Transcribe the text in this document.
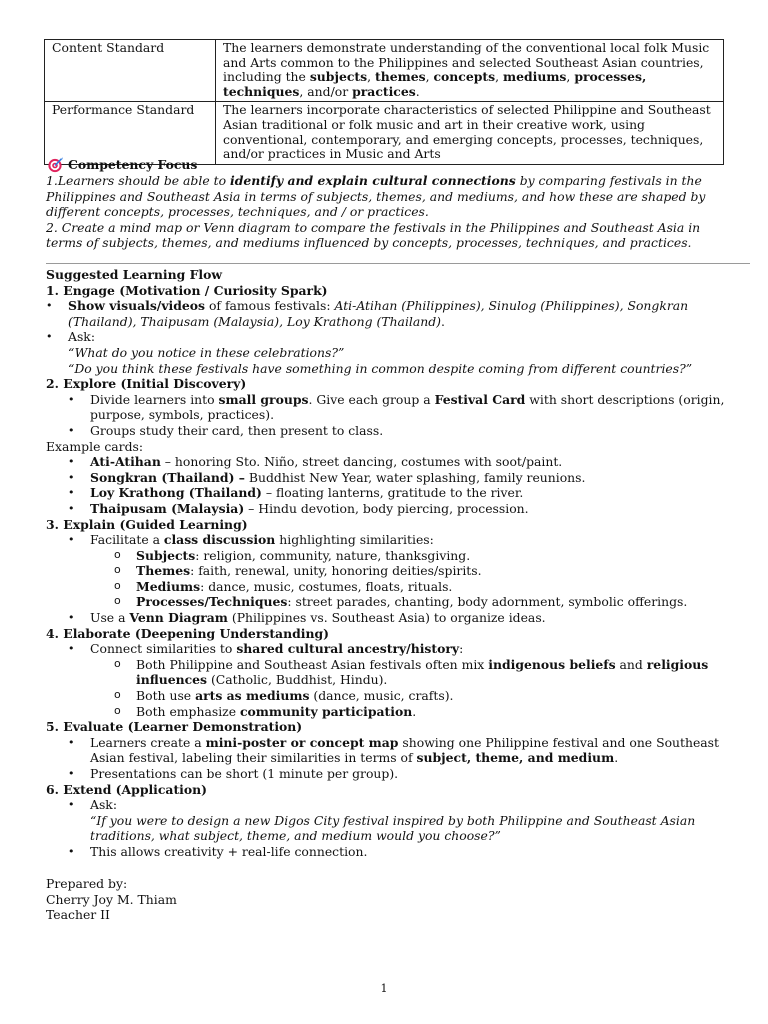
Content Standard	The learners demonstrate understanding of the conventional local folk Music and Arts common to the Philippines and selected Southeast Asian countries, including the subjects, themes, concepts, mediums, processes, techniques, and/or practices.
Performance Standard	The learners incorporate characteristics of selected Philippine and Southeast Asian traditional or folk music and art in their creative work, using conventional, contemporary, and emerging concepts, processes, techniques, and/or practices in Music and Arts
Competency Focus

1.Learners should be able to identify and explain cultural connections by comparing festivals in the Philippines and Southeast Asia in terms of subjects, themes, and mediums, and how these are shaped by different concepts, processes, techniques, and / or practices.

2. Create a mind map or Venn diagram to compare the festivals in the Philippines and Southeast Asia in terms of subjects, themes, and mediums influenced by concepts, processes, techniques, and practices.

Suggested Learning Flow

1. Engage (Motivation / Curiosity Spark)

• Show visuals/videos of famous festivals: Ati-Atihan (Philippines), Sinulog (Philippines), Songkran (Thailand), Thaipusam (Malaysia), Loy Krathong (Thailand).
• Ask:
“What do you notice in these celebrations?”
“Do you think these festivals have something in common despite coming from different countries?”

2. Explore (Initial Discovery)

• Divide learners into small groups. Give each group a Festival Card with short descriptions (origin, purpose, symbols, practices).
• Groups study their card, then present to class.

Example cards:

• Ati-Atihan – honoring Sto. Niño, street dancing, costumes with soot/paint.
• Songkran (Thailand) – Buddhist New Year, water splashing, family reunions.
• Loy Krathong (Thailand) – floating lanterns, gratitude to the river.
• Thaipusam (Malaysia) – Hindu devotion, body piercing, procession.

3. Explain (Guided Learning)

• Facilitate a class discussion highlighting similarities:
o Subjects: religion, community, nature, thanksgiving.
o Themes: faith, renewal, unity, honoring deities/spirits.
o Mediums: dance, music, costumes, floats, rituals.
o Processes/Techniques: street parades, chanting, body adornment, symbolic offerings.
• Use a Venn Diagram (Philippines vs. Southeast Asia) to organize ideas.

4. Elaborate (Deepening Understanding)

• Connect similarities to shared cultural ancestry/history:
o Both Philippine and Southeast Asian festivals often mix indigenous beliefs and religious influences (Catholic, Buddhist, Hindu).
o Both use arts as mediums (dance, music, crafts).
o Both emphasize community participation.

5. Evaluate (Learner Demonstration)

• Learners create a mini-poster or concept map showing one Philippine festival and one Southeast Asian festival, labeling their similarities in terms of subject, theme, and medium.
• Presentations can be short (1 minute per group).

6. Extend (Application)

• Ask:
“If you were to design a new Digos City festival inspired by both Philippine and Southeast Asian traditions, what subject, theme, and medium would you choose?”
• This allows creativity + real-life connection.

Prepared by:

Cherry Joy M. Thiam

Teacher II

1
